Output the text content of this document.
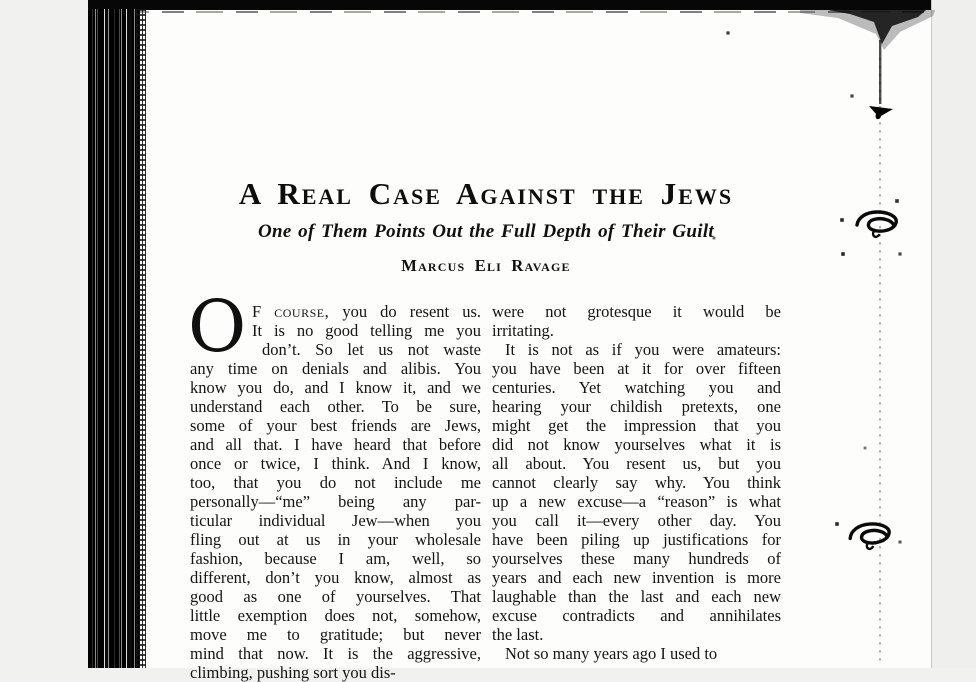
A Real Case Against the Jews
One of Them Points Out the Full Depth of Their Guilt
Marcus Eli Ravage
O F course, you do resent us.
It is no good telling me you
don’t. So let us not waste
any time on denials and alibis. You
know you do, and I know it, and we
understand each other. To be sure,
some of your best friends are Jews,
and all that. I have heard that before
once or twice, I think. And I know,
too, that you do not include me
personally—“me” being any par-
ticular individual Jew—when you
fling out at us in your wholesale
fashion, because I am, well, so
different, don’t you know, almost as
good as one of yourselves. That
little exemption does not, somehow,
move me to gratitude; but never
mind that now. It is the aggressive,
climbing, pushing sort you dis-
were not grotesque it would be
irritating.
It is not as if you were amateurs:
you have been at it for over fifteen
centuries. Yet watching you and
hearing your childish pretexts, one
might get the impression that you
did not know yourselves what it is
all about. You resent us, but you
cannot clearly say why. You think
up a new excuse—a “reason” is what
you call it—every other day. You
have been piling up justifications for
yourselves these many hundreds of
years and each new invention is more
laughable than the last and each new
excuse contradicts and annihilates
the last.
Not so many years ago I used to
